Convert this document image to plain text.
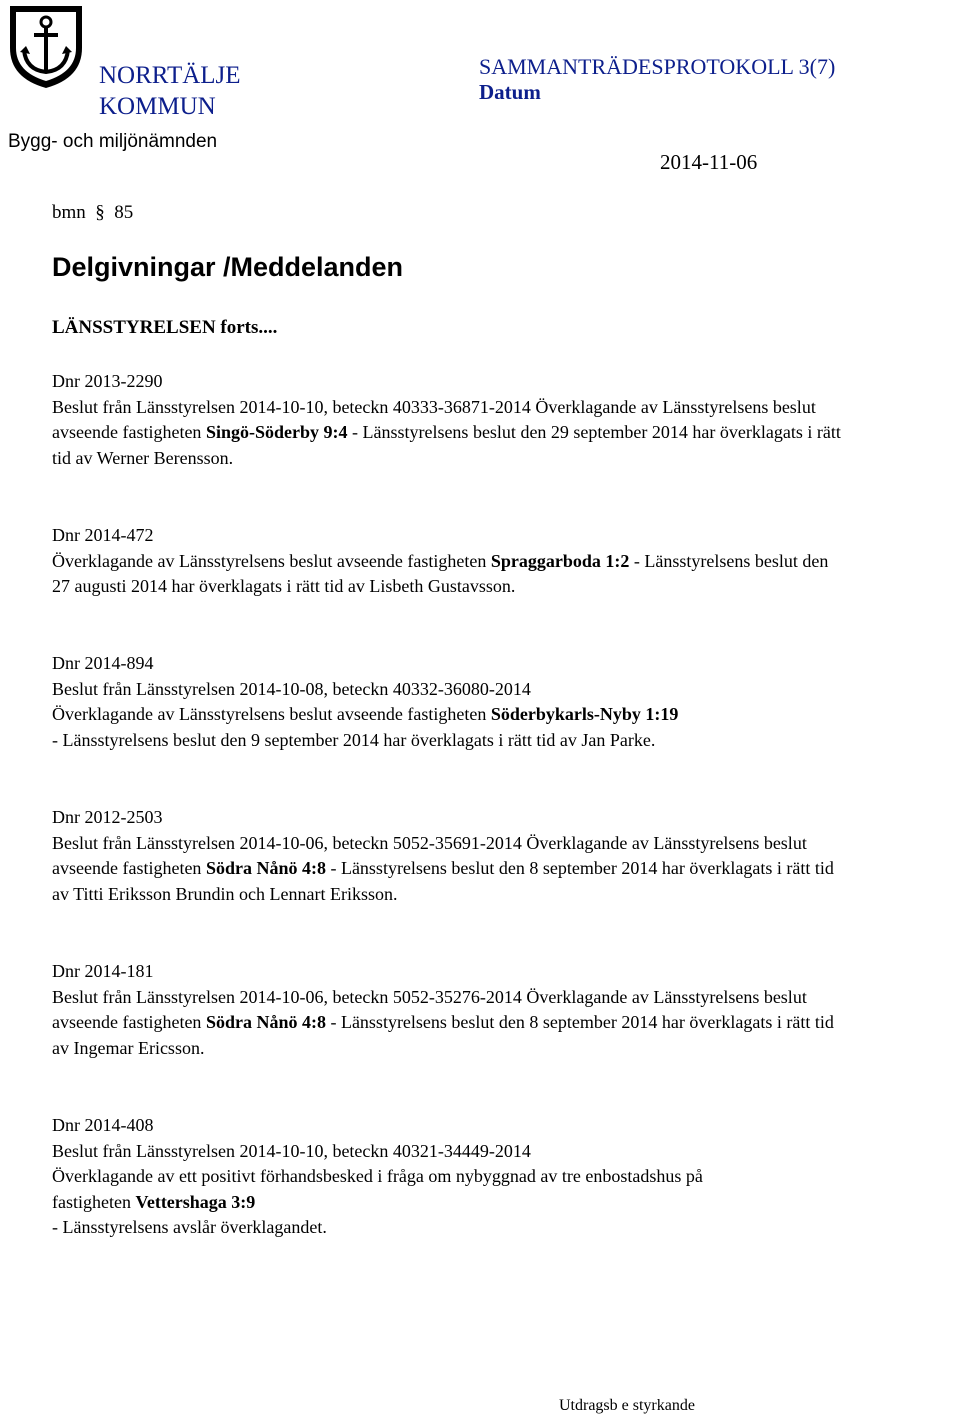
NORRTÄLJE
KOMMUN
Bygg- och miljönämnden
SAMMANTRÄDESPROTOKOLL 3(7)
Datum
2014-11-06
bmn  §  85
Delgivningar /Meddelanden
LÄNSSTYRELSEN forts....
Dnr 2013-2290
Beslut från Länsstyrelsen 2014-10-10, beteckn 40333-36871-2014 Överklagande av Länsstyrelsens beslut
avseende fastigheten Singö-Söderby 9:4 - Länsstyrelsens beslut den 29 september 2014 har överklagats i rätt
tid av Werner Berensson.
Dnr 2014-472
Överklagande av Länsstyrelsens beslut avseende fastigheten Spraggarboda 1:2 - Länsstyrelsens beslut den
27 augusti 2014 har överklagats i rätt tid av Lisbeth Gustavsson.
Dnr 2014-894
Beslut från Länsstyrelsen 2014-10-08, beteckn 40332-36080-2014
Överklagande av Länsstyrelsens beslut avseende fastigheten Söderbykarls-Nyby 1:19
- Länsstyrelsens beslut den 9 september 2014 har överklagats i rätt tid av Jan Parke.
Dnr 2012-2503
Beslut från Länsstyrelsen 2014-10-06, beteckn 5052-35691-2014 Överklagande av Länsstyrelsens beslut
avseende fastigheten Södra Nånö 4:8 - Länsstyrelsens beslut den 8 september 2014 har överklagats i rätt tid
av Titti Eriksson Brundin och Lennart Eriksson.
Dnr 2014-181
Beslut från Länsstyrelsen 2014-10-06, beteckn 5052-35276-2014 Överklagande av Länsstyrelsens beslut
avseende fastigheten Södra Nånö 4:8 - Länsstyrelsens beslut den 8 september 2014 har överklagats i rätt tid
av Ingemar Ericsson.
Dnr 2014-408
Beslut från Länsstyrelsen 2014-10-10, beteckn 40321-34449-2014
Överklagande av ett positivt förhandsbesked i fråga om nybyggnad av tre enbostadshus på
fastigheten Vettershaga 3:9
- Länsstyrelsens avslår överklagandet.
Utdragsb e styrkande
